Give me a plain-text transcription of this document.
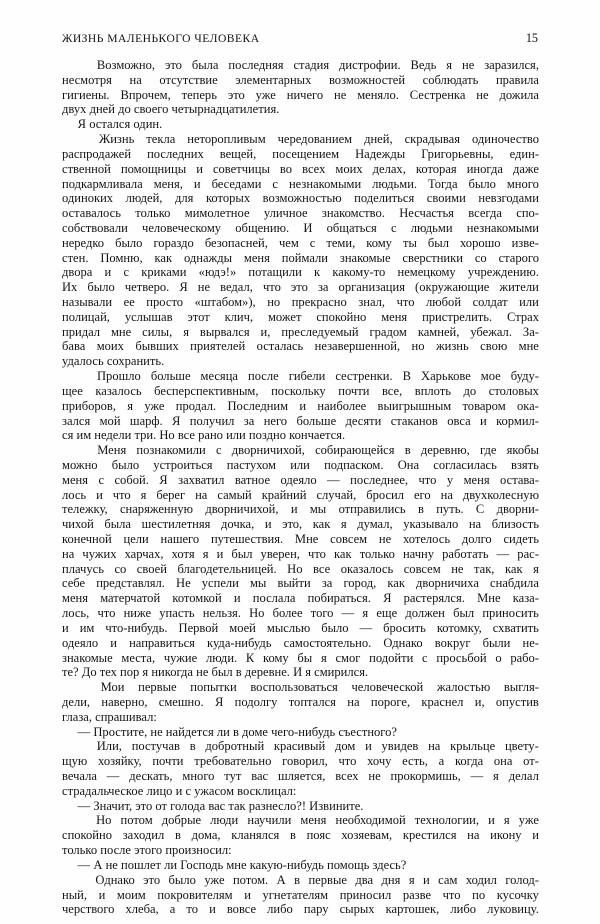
ЖИЗНЬ МАЛЕНЬКОГО ЧЕЛОВЕКА	15
Возможно, это была последняя стадия дистрофии. Ведь я не заразился,
несмотря на отсутствие элементарных возможностей соблюдать правила
гигиены. Впрочем, теперь это уже ничего не меняло. Сестренка не дожила
двух дней до своего четырнадцатилетия.
Я остался один.
Жизнь текла неторопливым чередованием дней, скрадывая одиночество
распродажей последних вещей, посещением Надежды Григорьевны, един-
ственной помощницы и советчицы во всех моих делах, которая иногда даже
подкармливала меня, и беседами с незнакомыми людьми. Тогда было много
одиноких людей, для которых возможностью поделиться своими невзгодами
оставалось только мимолетное уличное знакомство. Несчастья всегда спо-
собствовали человеческому общению. И общаться с людьми незнакомыми
нередко было гораздо безопасней, чем с теми, кому ты был хорошо изве-
стен. Помню, как однажды меня поймали знакомые сверстники со старого
двора и с криками «юдэ!» потащили к какому-то немецкому учреждению.
Их было четверо. Я не ведал, что это за организация (окружающие жители
называли ее просто «штабом»), но прекрасно знал, что любой солдат или
полицай, услышав этот клич, может спокойно меня пристрелить. Страх
придал мне силы, я вырвался и, преследуемый градом камней, убежал. За-
бава моих бывших приятелей осталась незавершенной, но жизнь свою мне
удалось сохранить.
Прошло больше месяца после гибели сестренки. В Харькове мое буду-
щее казалось бесперспективным, поскольку почти все, вплоть до столовых
приборов, я уже продал. Последним и наиболее выигрышным товаром ока-
зался мой шарф. Я получил за него больше десяти стаканов овса и кормил-
ся им недели три. Но все рано или поздно кончается.
Меня познакомили с дворничихой, собирающейся в деревню, где якобы
можно было устроиться пастухом или подпаском. Она согласилась взять
меня с собой. Я захватил ватное одеяло — последнее, что у меня остава-
лось и что я берег на самый крайний случай, бросил его на двухколесную
тележку, снаряженную дворничихой, и мы отправились в путь. С дворни-
чихой была шестилетняя дочка, и это, как я думал, указывало на близость
конечной цели нашего путешествия. Мне совсем не хотелось долго сидеть
на чужих харчах, хотя я и был уверен, что как только начну работать — рас-
плачусь со своей благодетельницей. Но все оказалось совсем не так, как я
себе представлял. Не успели мы выйти за город, как дворничиха снабдила
меня матерчатой котомкой и послала побираться. Я растерялся. Мне каза-
лось, что ниже упасть нельзя. Но более того — я еще должен был приносить
и им что-нибудь. Первой моей мыслью было — бросить котомку, схватить
одеяло и направиться куда-нибудь самостоятельно. Однако вокруг были не-
знакомые места, чужие люди. К кому бы я смог подойти с просьбой о рабо-
те? До тех пор я никогда не был в деревне. И я смирился.
Мои первые попытки воспользоваться человеческой жалостью выгля-
дели, наверно, смешно. Я подолгу топтался на пороге, краснел и, опустив
глаза, спрашивал:
— Простите, не найдется ли в доме чего-нибудь съестного?
Или, постучав в добротный красивый дом и увидев на крыльце цвету-
щую хозяйку, почти требовательно говорил, что хочу есть, а когда она от-
вечала — дескать, много тут вас шляется, всех не прокормишь, — я делал
страдальческое лицо и с ужасом восклицал:
— Значит, это от голода вас так разнесло?! Извините.
Но потом добрые люди научили меня необходимой технологии, и я уже
спокойно заходил в дома, кланялся в пояс хозяевам, крестился на икону и
только после этого произносил:
— А не пошлет ли Господь мне какую-нибудь помощь здесь?
Однако это было уже потом. А в первые два дня я и сам ходил голод-
ный, и моим покровителям и угнетателям приносил разве что по кусочку
черствого хлеба, а то и вовсе либо пару сырых картошек, либо луковицу.
